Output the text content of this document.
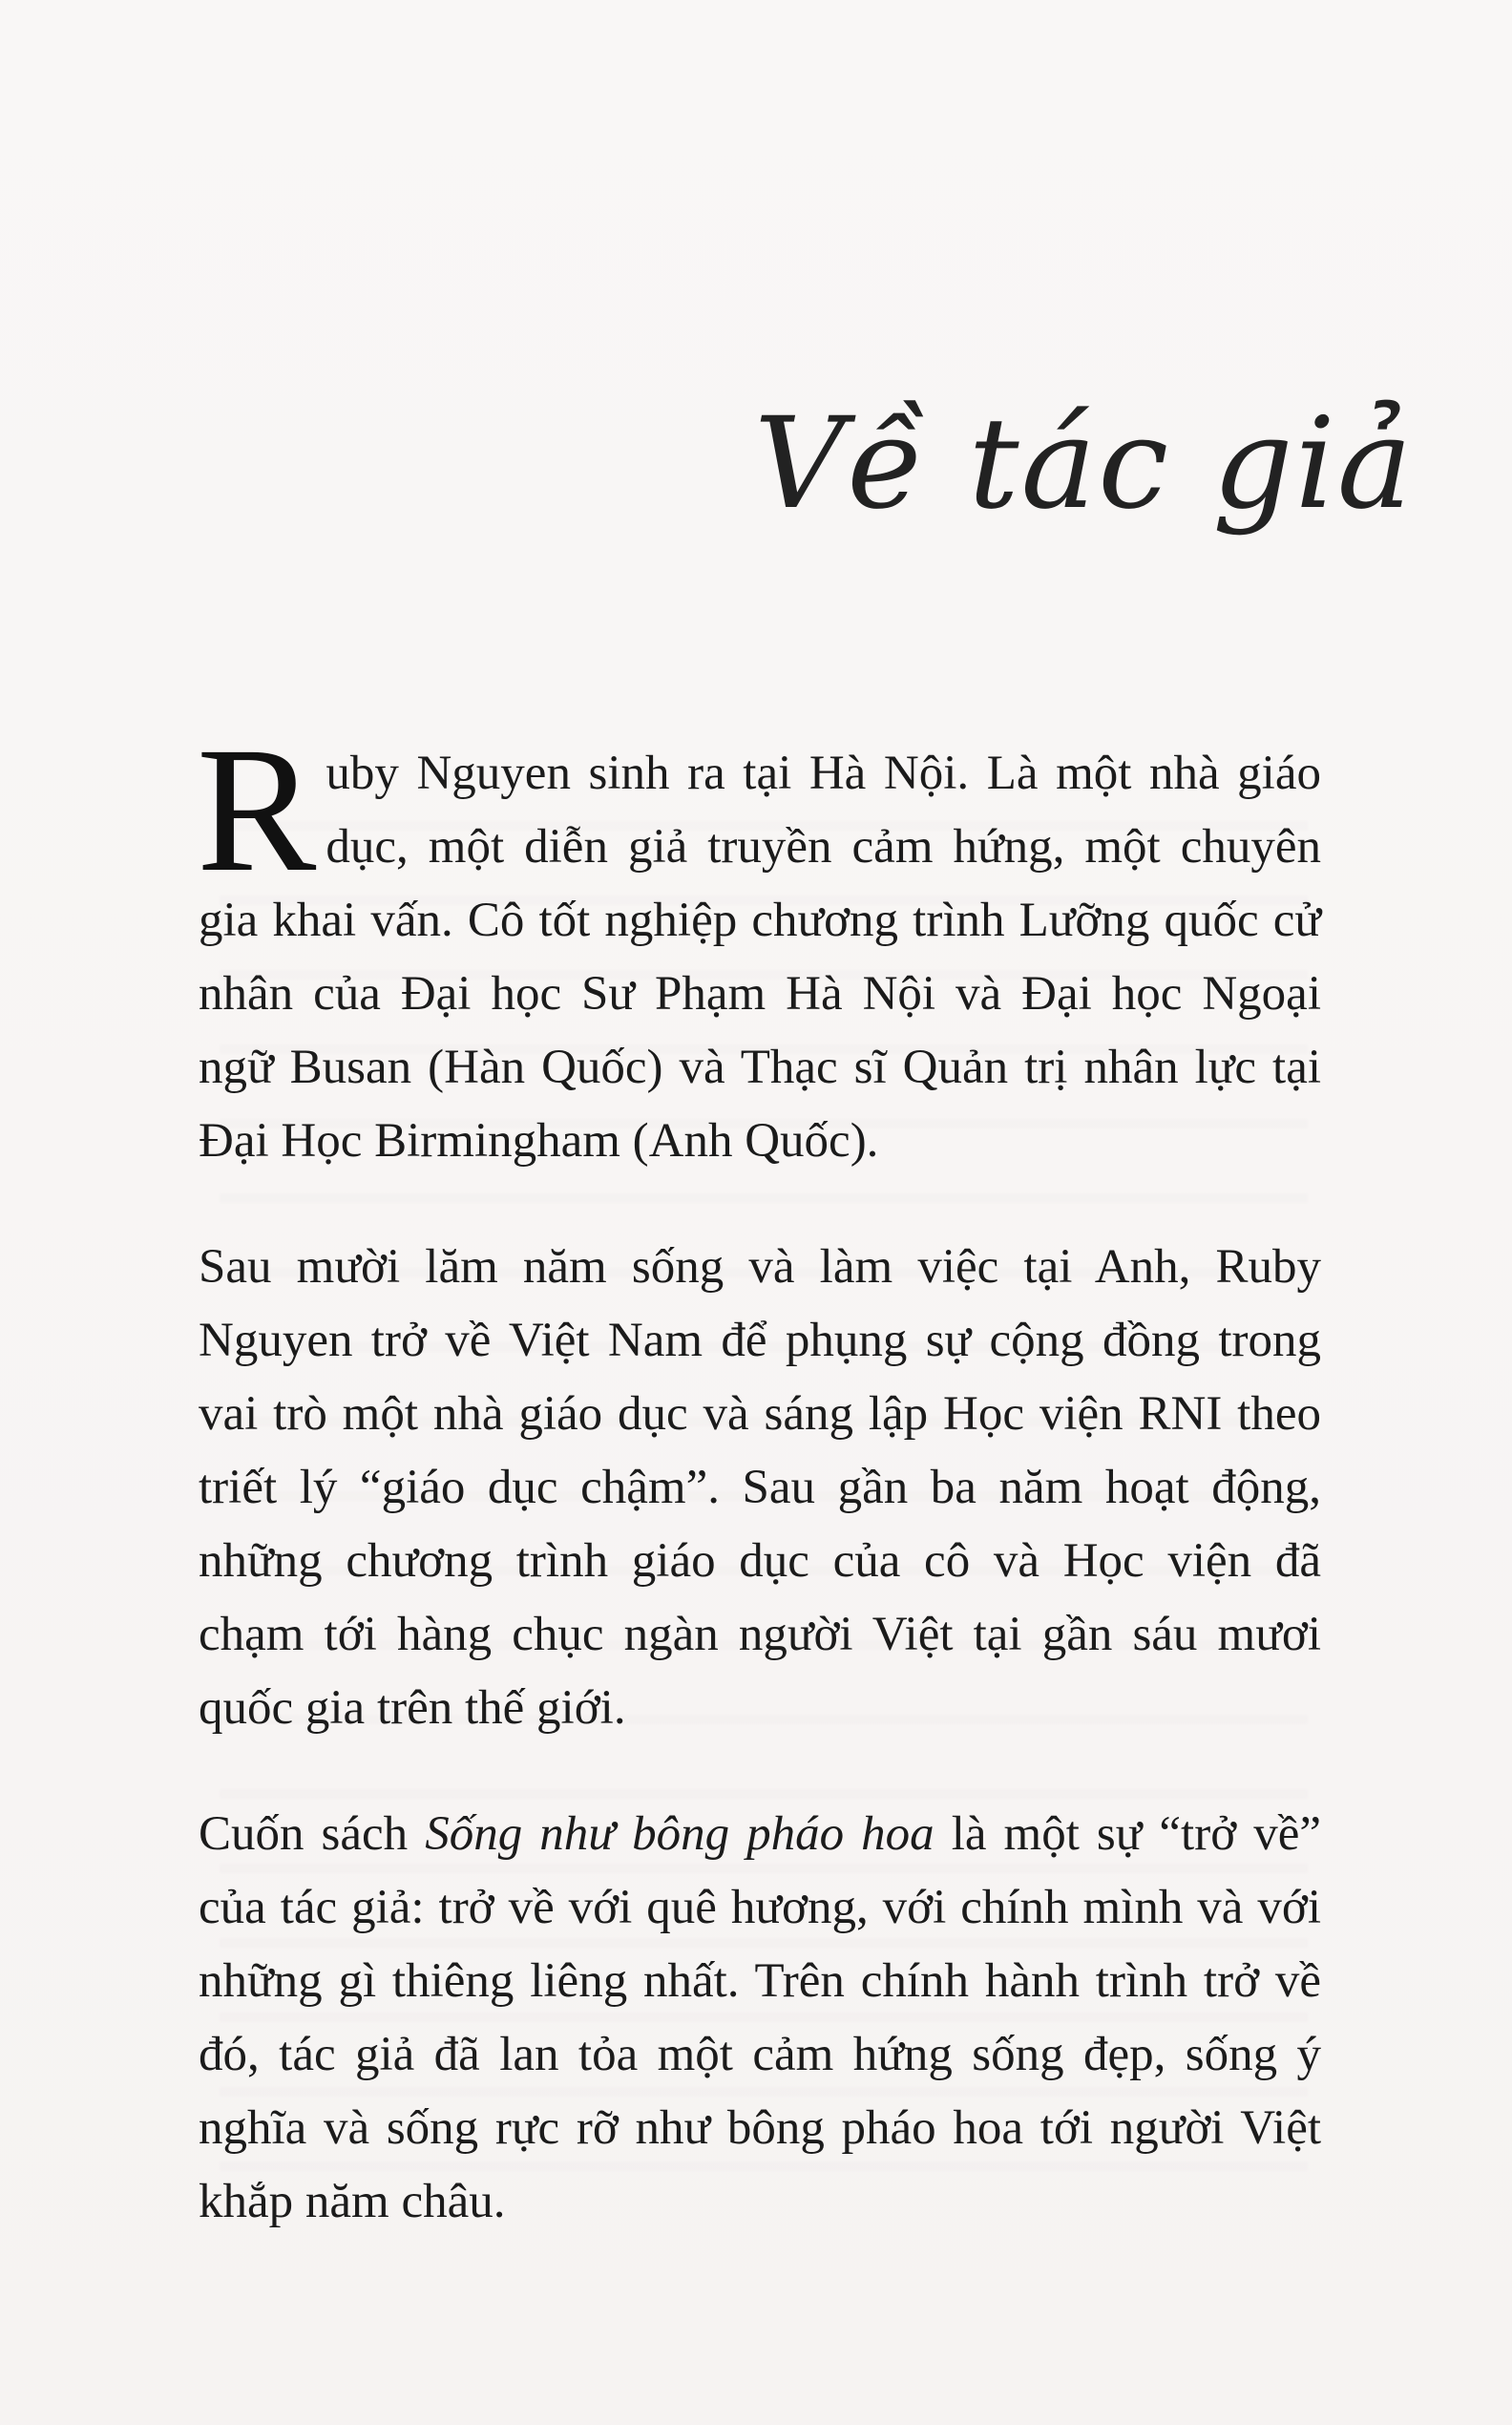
Về tác giả

Ruby Nguyen sinh ra tại Hà Nội. Là một nhà giáo dục, một diễn giả truyền cảm hứng, một chuyên gia khai vấn. Cô tốt nghiệp chương trình Lưỡng quốc cử nhân của Đại học Sư Phạm Hà Nội và Đại học Ngoại ngữ Busan (Hàn Quốc) và Thạc sĩ Quản trị nhân lực tại Đại Học Birmingham (Anh Quốc).

Sau mười lăm năm sống và làm việc tại Anh, Ruby Nguyen trở về Việt Nam để phụng sự cộng đồng trong vai trò một nhà giáo dục và sáng lập Học viện RNI theo triết lý “giáo dục chậm”. Sau gần ba năm hoạt động, những chương trình giáo dục của cô và Học viện đã chạm tới hàng chục ngàn người Việt tại gần sáu mươi quốc gia trên thế giới.

Cuốn sách Sống như bông pháo hoa là một sự “trở về” của tác giả: trở về với quê hương, với chính mình và với những gì thiêng liêng nhất. Trên chính hành trình trở về đó, tác giả đã lan tỏa một cảm hứng sống đẹp, sống ý nghĩa và sống rực rỡ như bông pháo hoa tới người Việt khắp năm châu.
